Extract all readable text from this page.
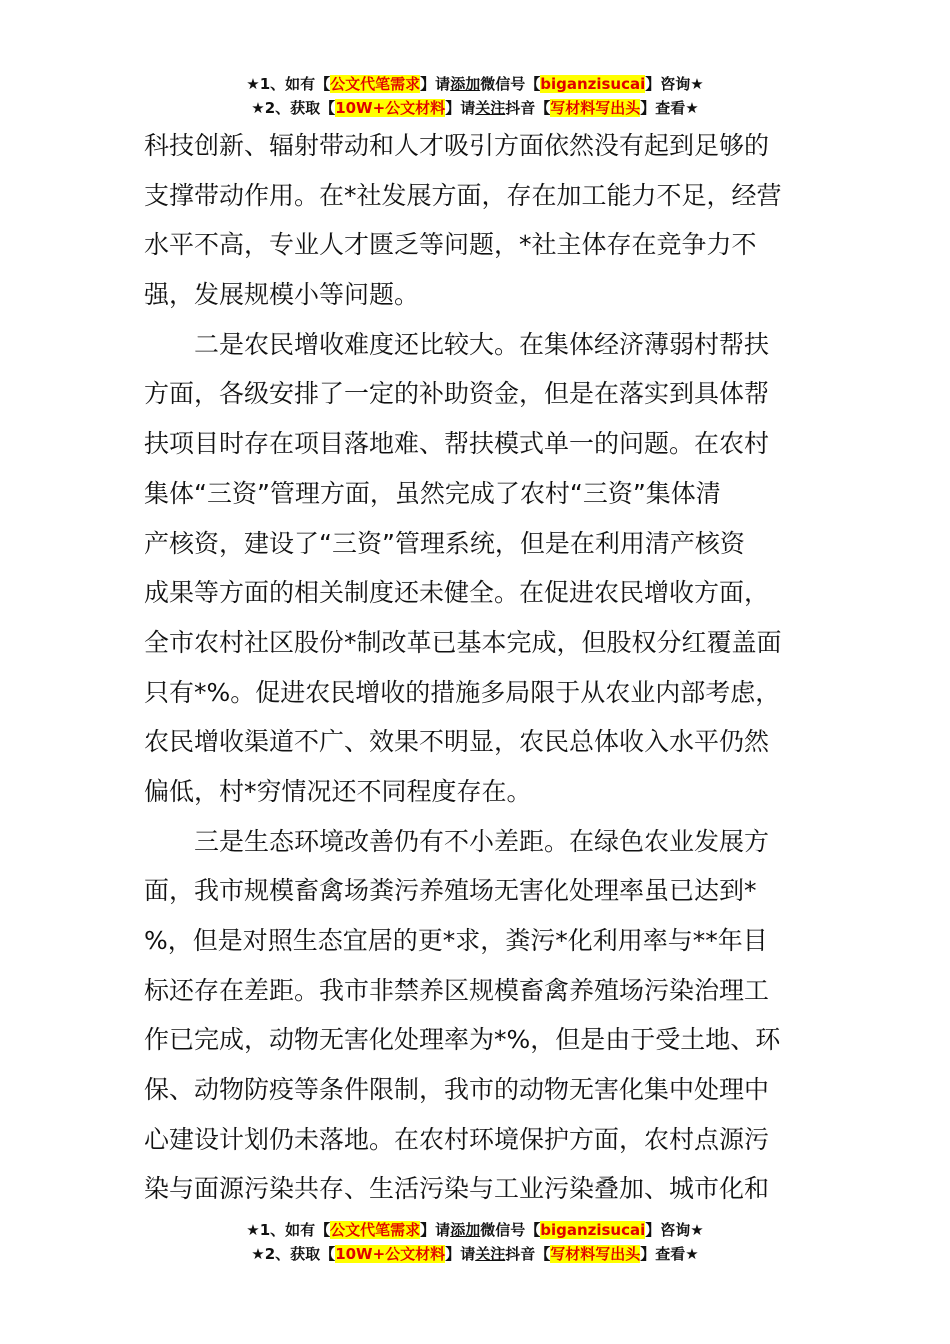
★1、如有【公文代笔需求】请添加微信号【biganzisucai】咨询★
★2、获取【10W+公文材料】请关注抖音【写材料写出头】查看★
科技创新、辐射带动和人才吸引方面依然没有起到足够的
支撑带动作用。在*社发展方面，存在加工能力不足，经营
水平不高，专业人才匮乏等问题，*社主体存在竞争力不
强，发展规模小等问题。
二是农民增收难度还比较大。在集体经济薄弱村帮扶
方面，各级安排了一定的补助资金，但是在落实到具体帮
扶项目时存在项目落地难、帮扶模式单一的问题。在农村
集体“三资”管理方面，虽然完成了农村“三资”集体清
产核资，建设了“三资”管理系统，但是在利用清产核资
成果等方面的相关制度还未健全。在促进农民增收方面，
全市农村社区股份*制改革已基本完成，但股权分红覆盖面
只有*%。促进农民增收的措施多局限于从农业内部考虑，
农民增收渠道不广、效果不明显，农民总体收入水平仍然
偏低，村*穷情况还不同程度存在。
三是生态环境改善仍有不小差距。在绿色农业发展方
面，我市规模畜禽场粪污养殖场无害化处理率虽已达到*
%，但是对照生态宜居的更*求，粪污*化利用率与**年目
标还存在差距。我市非禁养区规模畜禽养殖场污染治理工
作已完成，动物无害化处理率为*%，但是由于受土地、环
保、动物防疫等条件限制，我市的动物无害化集中处理中
心建设计划仍未落地。在农村环境保护方面，农村点源污
染与面源污染共存、生活污染与工业污染叠加、城市化和
★1、如有【公文代笔需求】请添加微信号【biganzisucai】咨询★
★2、获取【10W+公文材料】请关注抖音【写材料写出头】查看★
